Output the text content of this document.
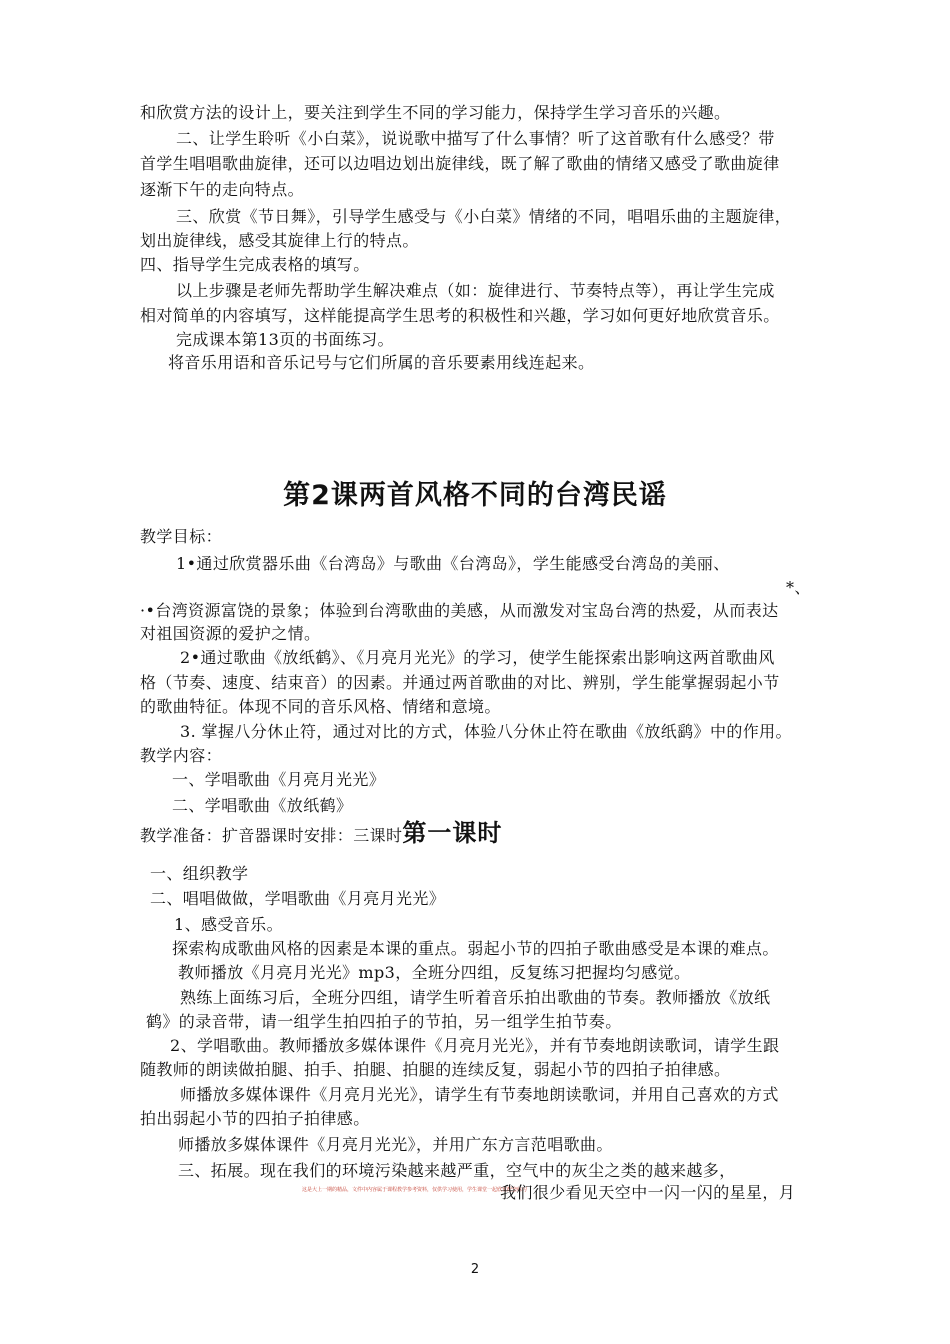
和欣赏方法的设计上，要关注到学生不同的学习能力，保持学生学习音乐的兴趣。
二、让学生聆听《小白菜》，说说歌中描写了什么事情？听了这首歌有什么感受？带
首学生唱唱歌曲旋律，还可以边唱边划出旋律线，既了解了歌曲的情绪又感受了歌曲旋律
逐渐下午的走向特点。
三、欣赏《节日舞》，引导学生感受与《小白菜》情绪的不同，唱唱乐曲的主题旋律，
划出旋律线，感受其旋律上行的特点。
四、指导学生完成表格的填写。
以上步骤是老师先帮助学生解决难点（如：旋律进行、节奏特点等），再让学生完成
相对简单的内容填写，这样能提高学生思考的积极性和兴趣，学习如何更好地欣赏音乐。
完成课本第13页的书面练习。
将音乐用语和音乐记号与它们所属的音乐要素用线连起来。
第2课两首风格不同的台湾民谣
教学目标：
1•通过欣赏器乐曲《台湾岛》与歌曲《台湾岛》，学生能感受台湾岛的美丽、
*、
·•台湾资源富饶的景象；体验到台湾歌曲的美感，从而激发对宝岛台湾的热爱，从而表达
对祖国资源的爱护之情。
2•通过歌曲《放纸鹤》、《月亮月光光》的学习，使学生能探索出影响这两首歌曲风
格（节奏、速度、结束音）的因素。并通过两首歌曲的对比、辨别，学生能掌握弱起小节
的歌曲特征。体现不同的音乐风格、情绪和意境。
3. 掌握八分休止符，通过对比的方式，体验八分休止符在歌曲《放纸鹞》中的作用。
教学内容：
一、学唱歌曲《月亮月光光》
二、学唱歌曲《放纸鹤》
教学准备：扩音器课时安排：三课时第一课时
一、组织教学
二、唱唱做做，学唱歌曲《月亮月光光》
1、感受音乐。
探索构成歌曲风格的因素是本课的重点。弱起小节的四拍子歌曲感受是本课的难点。
教师播放《月亮月光光》mp3，全班分四组，反复练习把握均匀感觉。
熟练上面练习后，全班分四组，请学生听着音乐拍出歌曲的节奏。教师播放《放纸
鹤》的录音带，请一组学生拍四拍子的节拍，另一组学生拍节奏。
2、学唱歌曲。教师播放多媒体课件《月亮月光光》，并有节奏地朗读歌词，请学生跟
随教师的朗读做拍腿、拍手、拍腿、拍腿的连续反复，弱起小节的四拍子拍律感。
师播放多媒体课件《月亮月光光》，请学生有节奏地朗读歌词，并用自己喜欢的方式
拍出弱起小节的四拍子拍律感。
师播放多媒体课件《月亮月光光》，并用广东方言范唱歌曲。
三、拓展。现在我们的环境污染越来越严重，空气中的灰尘之类的越来越多，
这是大上一期的精品，文件中内容属于课程教学参考资料，仅供学习使用，学生课堂一起欣赏配套练习
我们很少看见天空中一闪一闪的星星，月
2
